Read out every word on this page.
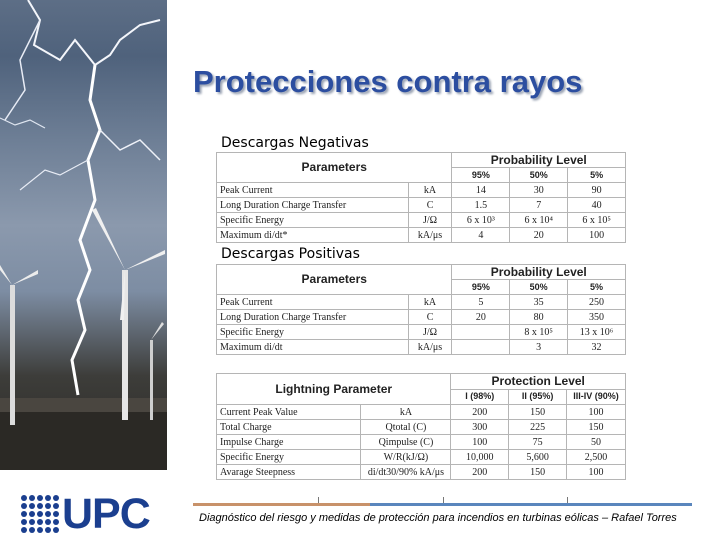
Protecciones contra rayos
Descargas Negativas
Parameters		Probability Level		
		95%	50%	5%
Peak Current	kA	14	30	90
Long Duration Charge Transfer	C	1.5	7	40
Specific Energy	J/Ω	6 x 10³	6 x 10⁴	6 x 10⁵
Maximum di/dt*	kA/μs	4	20	100
Descargas Positivas
Parameters		Probability Level		
		95%	50%	5%
Peak Current	kA	5	35	250
Long Duration Charge Transfer	C	20	80	350
Specific Energy	J/Ω		8 x 10⁵	13 x 10⁶
Maximum di/dt	kA/μs		3	32
Lightning Parameter		Protection Level		
		I (98%)	II (95%)	III-IV (90%)
Current Peak Value	kA	200	150	100
Total Charge	Qtotal (C)	300	225	150
Impulse Charge	Qimpulse (C)	100	75	50
Specific Energy	W/R(kJ/Ω)	10,000	5,600	2,500
Avarage Steepness	di/dt30/90% kA/μs	200	150	100
UPC	Diagnóstico del riesgo y medidas de protección para incendios en turbinas eólicas – Rafael Torres
